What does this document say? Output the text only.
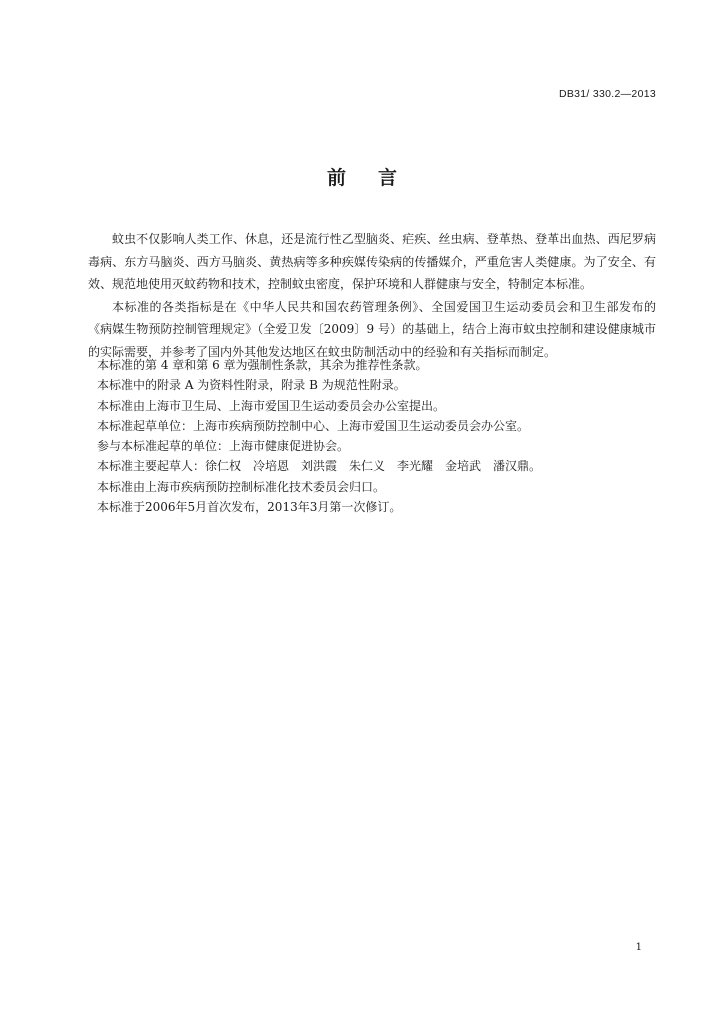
DB31/ 330.2—2013
前言

蚊虫不仅影响人类工作、休息，还是流行性乙型脑炎、疟疾、丝虫病、登革热、登革出血热、西尼罗病毒病、东方马脑炎、西方马脑炎、黄热病等多种疾媒传染病的传播媒介，严重危害人类健康。为了安全、有效、规范地使用灭蚊药物和技术，控制蚊虫密度，保护环境和人群健康与安全，特制定本标准。

本标准的各类指标是在《中华人民共和国农药管理条例》、全国爱国卫生运动委员会和卫生部发布的《病媒生物预防控制管理规定》（全爱卫发〔2009〕9 号）的基础上，结合上海市蚊虫控制和建设健康城市的实际需要，并参考了国内外其他发达地区在蚊虫防制活动中的经验和有关指标而制定。

本标准的第 4 章和第 6 章为强制性条款，其余为推荐性条款。

本标准中的附录 A 为资料性附录，附录 B 为规范性附录。

本标准由上海市卫生局、上海市爱国卫生运动委员会办公室提出。

本标准起草单位：上海市疾病预防控制中心、上海市爱国卫生运动委员会办公室。

参与本标准起草的单位：上海市健康促进协会。

本标准主要起草人：徐仁权　冷培恩　刘洪霞　朱仁义　李光耀　金培武　潘汉鼎。

本标准由上海市疾病预防控制标准化技术委员会归口。

本标准于2006年5月首次发布，2013年3月第一次修订。

1
